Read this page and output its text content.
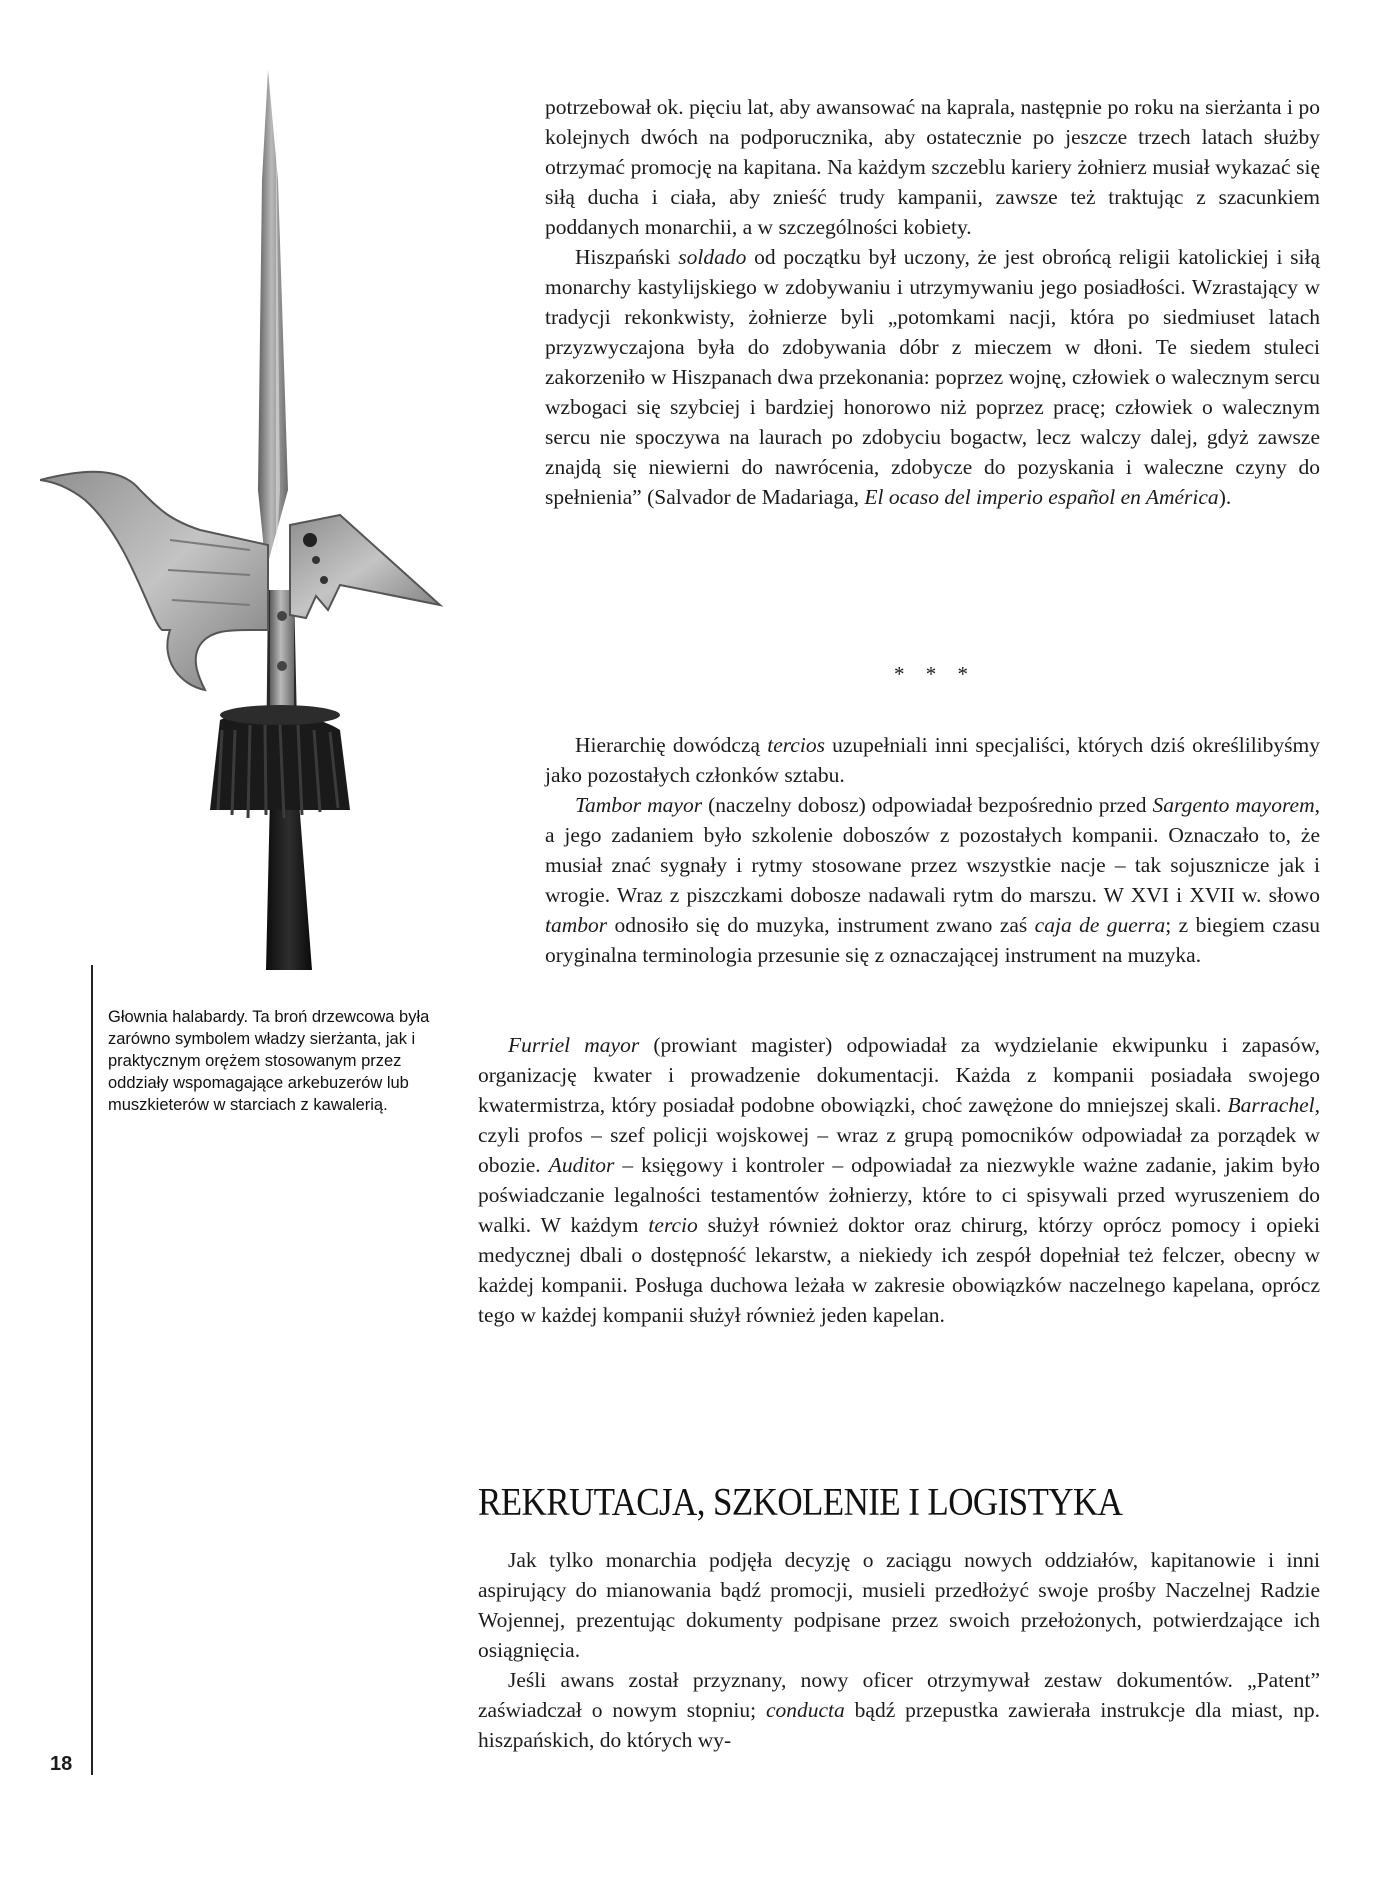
Głownia halabardy. Ta broń drzewcowa była zarówno symbolem władzy sierżanta, jak i praktycznym orężem stosowanym przez oddziały wspomagające arkebuzerów lub muszkieterów w starciach z kawalerią.
18

potrzebował ok. pięciu lat, aby awansować na kaprala, następnie po roku na sierżanta i po kolejnych dwóch na podporucznika, aby ostatecznie po jeszcze trzech latach służby otrzymać promocję na kapitana. Na każdym szczeblu kariery żołnierz musiał wykazać się siłą ducha i ciała, aby znieść trudy kampanii, zawsze też traktując z szacunkiem poddanych monarchii, a w szczególności kobiety.

Hiszpański soldado od początku był uczony, że jest obrońcą religii katolickiej i siłą monarchy kastylijskiego w zdobywaniu i utrzymywaniu jego posiadłości. Wzrastający w tradycji rekonkwisty, żołnierze byli „potomkami nacji, która po siedmiuset latach przyzwyczajona była do zdobywania dóbr z mieczem w dłoni. Te siedem stuleci zakorzeniło w Hiszpanach dwa przekonania: poprzez wojnę, człowiek o walecznym sercu wzbogaci się szybciej i bardziej honorowo niż poprzez pracę; człowiek o walecznym sercu nie spoczywa na laurach po zdobyciu bogactw, lecz walczy dalej, gdyż zawsze znajdą się niewierni do nawrócenia, zdobycze do pozyskania i waleczne czyny do spełnienia” (Salvador de Madariaga, El ocaso del imperio español en América).

* * *

Hierarchię dowódczą tercios uzupełniali inni specjaliści, których dziś określilibyśmy jako pozostałych członków sztabu.

Tambor mayor (naczelny dobosz) odpowiadał bezpośrednio przed Sargento mayorem, a jego zadaniem było szkolenie doboszów z pozostałych kompanii. Oznaczało to, że musiał znać sygnały i rytmy stosowane przez wszystkie nacje – tak sojusznicze jak i wrogie. Wraz z piszczkami dobosze nadawali rytm do marszu. W XVI i XVII w. słowo tambor odnosiło się do muzyka, instrument zwano zaś caja de guerra; z biegiem czasu oryginalna terminologia przesunie się z oznaczającej instrument na muzyka.

Furriel mayor (prowiant magister) odpowiadał za wydzielanie ekwipunku i zapasów, organizację kwater i prowadzenie dokumentacji. Każda z kompanii posiadała swojego kwatermistrza, który posiadał podobne obowiązki, choć zawężone do mniejszej skali. Barrachel, czyli profos – szef policji wojskowej – wraz z grupą pomocników odpowiadał za porządek w obozie. Auditor – księgowy i kontroler – odpowiadał za niezwykle ważne zadanie, jakim było poświadczanie legalności testamentów żołnierzy, które to ci spisywali przed wyruszeniem do walki. W każdym tercio służył również doktor oraz chirurg, którzy oprócz pomocy i opieki medycznej dbali o dostępność lekarstw, a niekiedy ich zespół dopełniał też felczer, obecny w każdej kompanii. Posługa duchowa leżała w zakresie obowiązków naczelnego kapelana, oprócz tego w każdej kompanii służył również jeden kapelan.

REKRUTACJA, SZKOLENIE I LOGISTYKA

Jak tylko monarchia podjęła decyzję o zaciągu nowych oddziałów, kapitanowie i inni aspirujący do mianowania bądź promocji, musieli przedłożyć swoje prośby Naczelnej Radzie Wojennej, prezentując dokumenty podpisane przez swoich przełożonych, potwierdzające ich osiągnięcia.

Jeśli awans został przyznany, nowy oficer otrzymywał zestaw dokumentów. „Patent” zaświadczał o nowym stopniu; conducta bądź przepustka zawierała instrukcje dla miast, np. hiszpańskich, do których wy-
